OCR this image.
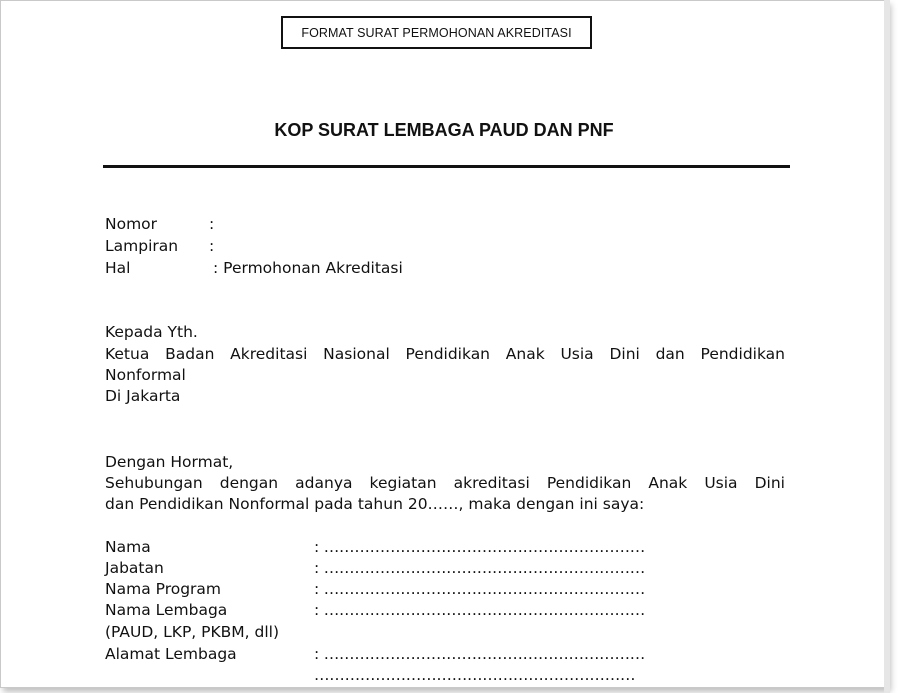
FORMAT SURAT PERMOHONAN AKREDITASI
KOP SURAT LEMBAGA PAUD DAN PNF
Nomor	:
Lampiran :
Hal	: Permohonan Akreditasi
Kepada Yth.
Ketua Badan Akreditasi Nasional Pendidikan Anak Usia Dini dan Pendidikan
Nonformal
Di Jakarta
Dengan Hormat,
Sehubungan dengan adanya kegiatan akreditasi Pendidikan Anak Usia Dini
dan Pendidikan Nonformal pada tahun 20……, maka dengan ini saya:
Nama	: ………………………………………………………
Jabatan	: ………………………………………………………
Nama Program	: ………………………………………………………
Nama Lembaga	: ………………………………………………………
(PAUD, LKP, PKBM, dll)
Alamat Lembaga	: ………………………………………………………
………………………………………………………
